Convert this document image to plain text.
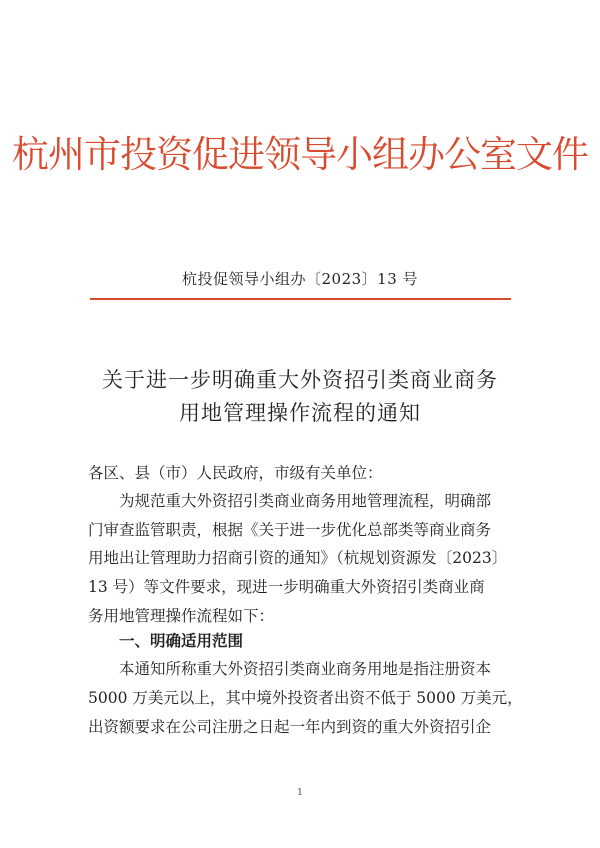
杭州市投资促进领导小组办公室文件
杭投促领导小组办〔2023〕13 号
关于进一步明确重大外资招引类商业商务
用地管理操作流程的通知
各区、县（市）人民政府，市级有关单位：
为规范重大外资招引类商业商务用地管理流程，明确部
门审查监管职责，根据《关于进一步优化总部类等商业商务
用地出让管理助力招商引资的通知》（杭规划资源发〔2023〕
13 号）等文件要求，现进一步明确重大外资招引类商业商
务用地管理操作流程如下：
一、明确适用范围
本通知所称重大外资招引类商业商务用地是指注册资本
5000 万美元以上，其中境外投资者出资不低于 5000 万美元，
出资额要求在公司注册之日起一年内到资的重大外资招引企
1
